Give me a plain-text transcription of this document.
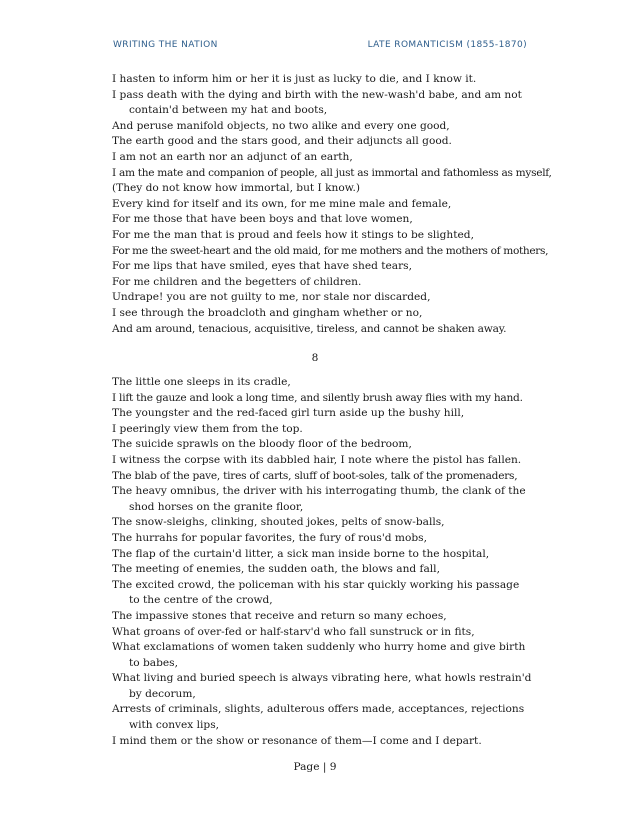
WRITING THE NATION	LATE ROMANTICISM (1855-1870)
I hasten to inform him or her it is just as lucky to die, and I know it.
I pass death with the dying and birth with the new-wash'd babe, and am not contain'd between my hat and boots,
And peruse manifold objects, no two alike and every one good,
The earth good and the stars good, and their adjuncts all good.
I am not an earth nor an adjunct of an earth,
I am the mate and companion of people, all just as immortal and fathomless as myself,
(They do not know how immortal, but I know.)
Every kind for itself and its own, for me mine male and female,
For me those that have been boys and that love women,
For me the man that is proud and feels how it stings to be slighted,
For me the sweet-heart and the old maid, for me mothers and the mothers of mothers,
For me lips that have smiled, eyes that have shed tears,
For me children and the begetters of children.
Undrape! you are not guilty to me, nor stale nor discarded,
I see through the broadcloth and gingham whether or no,
And am around, tenacious, acquisitive, tireless, and cannot be shaken away.
8
The little one sleeps in its cradle,
I lift the gauze and look a long time, and silently brush away flies with my hand.
The youngster and the red-faced girl turn aside up the bushy hill,
I peeringly view them from the top.
The suicide sprawls on the bloody floor of the bedroom,
I witness the corpse with its dabbled hair, I note where the pistol has fallen.
The blab of the pave, tires of carts, sluff of boot-soles, talk of the promenaders,
The heavy omnibus, the driver with his interrogating thumb, the clank of the shod horses on the granite floor,
The snow-sleighs, clinking, shouted jokes, pelts of snow-balls,
The hurrahs for popular favorites, the fury of rous'd mobs,
The flap of the curtain'd litter, a sick man inside borne to the hospital,
The meeting of enemies, the sudden oath, the blows and fall,
The excited crowd, the policeman with his star quickly working his passage to the centre of the crowd,
The impassive stones that receive and return so many echoes,
What groans of over-fed or half-starv'd who fall sunstruck or in fits,
What exclamations of women taken suddenly who hurry home and give birth to babes,
What living and buried speech is always vibrating here, what howls restrain'd by decorum,
Arrests of criminals, slights, adulterous offers made, acceptances, rejections with convex lips,
I mind them or the show or resonance of them—I come and I depart.
Page | 9
